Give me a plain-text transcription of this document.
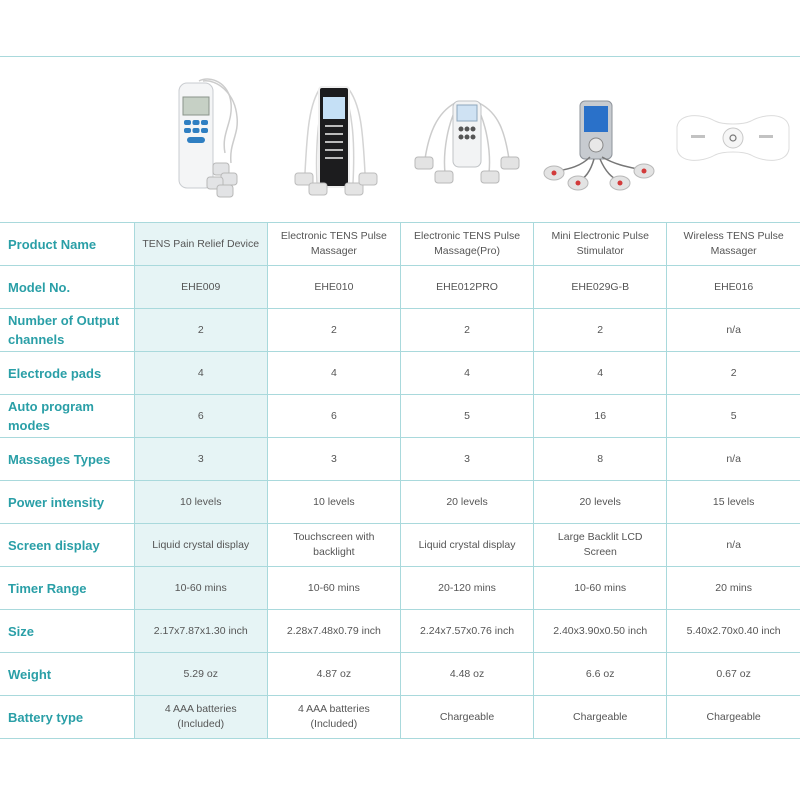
Product Name	TENS Pain Relief Device	Electronic TENS Pulse Massager	Electronic TENS Pulse Massage(Pro)	Mini Electronic Pulse Stimulator	Wireless TENS Pulse Massager
Model No.	EHE009	EHE010	EHE012PRO	EHE029G-B	EHE016
Number of Output channels	2	2	2	2	n/a
Electrode pads	4	4	4	4	2
Auto program modes	6	6	5	16	5
Massages Types	3	3	3	8	n/a
Power intensity	10 levels	10 levels	20 levels	20 levels	15 levels
Screen display	Liquid crystal display	Touchscreen with backlight	Liquid crystal display	Large Backlit LCD Screen	n/a
Timer Range	10-60 mins	10-60 mins	20-120 mins	10-60 mins	20 mins
Size	2.17x7.87x1.30 inch	2.28x7.48x0.79 inch	2.24x7.57x0.76 inch	2.40x3.90x0.50 inch	5.40x2.70x0.40 inch
Weight	5.29 oz	4.87 oz	4.48 oz	6.6 oz	0.67 oz
Battery type	4 AAA batteries (Included)	4 AAA batteries (Included)	Chargeable	Chargeable	Chargeable
